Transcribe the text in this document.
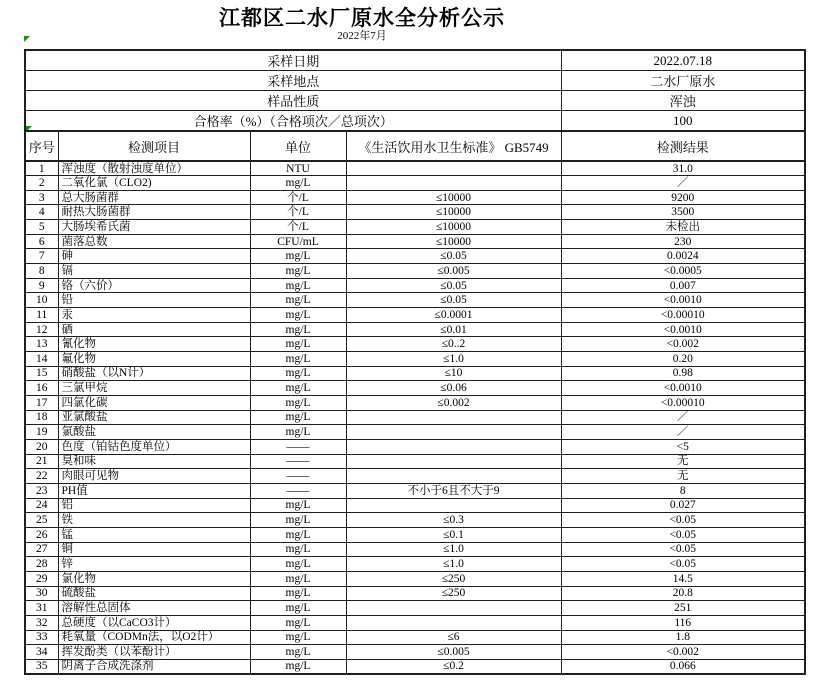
江都区二水厂原水全分析公示
2022年7月
采样日期				2022.07.18
采样地点				二水厂原水
样品性质				浑浊
合格率（%）（合格项次／总项次）				100
序号	检测项目	单位	《生活饮用水卫生标准》 GB5749	检测结果
1	浑浊度（散射浊度单位）	NTU		31.0
2	二氧化氯（CLO2)	mg/L		／
3	总大肠菌群	个/L	≤10000	9200
4	耐热大肠菌群	个/L	≤10000	3500
5	大肠埃希氏菌	个/L	≤10000	未检出
6	菌落总数	CFU/mL	≤10000	230
7	砷	mg/L	≤0.05	0.0024
8	镉	mg/L	≤0.005	<0.0005
9	铬（六价）	mg/L	≤0.05	0.007
10	铅	mg/L	≤0.05	<0.0010
11	汞	mg/L	≤0.0001	<0.00010
12	硒	mg/L	≤0.01	<0.0010
13	氰化物	mg/L	≤0..2	<0.002
14	氟化物	mg/L	≤1.0	0.20
15	硝酸盐（以N计）	mg/L	≤10	0.98
16	三氯甲烷	mg/L	≤0.06	<0.0010
17	四氯化碳	mg/L	≤0.002	<0.00010
18	亚氯酸盐	mg/L		／
19	氯酸盐	mg/L		／
20	色度（铂钴色度单位）	——		<5
21	臭和味	——		无
22	肉眼可见物	——		无
23	PH值	——	不小于6且不大于9	8
24	铝	mg/L		0.027
25	铁	mg/L	≤0.3	<0.05
26	锰	mg/L	≤0.1	<0.05
27	铜	mg/L	≤1.0	<0.05
28	锌	mg/L	≤1.0	<0.05
29	氯化物	mg/L	≤250	14.5
30	硫酸盐	mg/L	≤250	20.8
31	溶解性总固体	mg/L		251
32	总硬度（以CaCO3计）	mg/L		116
33	耗氧量（CODMn法，以O2计）	mg/L	≤6	1.8
34	挥发酚类（以苯酚计）	mg/L	≤0.005	<0.002
35	阴离子合成洗涤剂	mg/L	≤0.2	0.066
